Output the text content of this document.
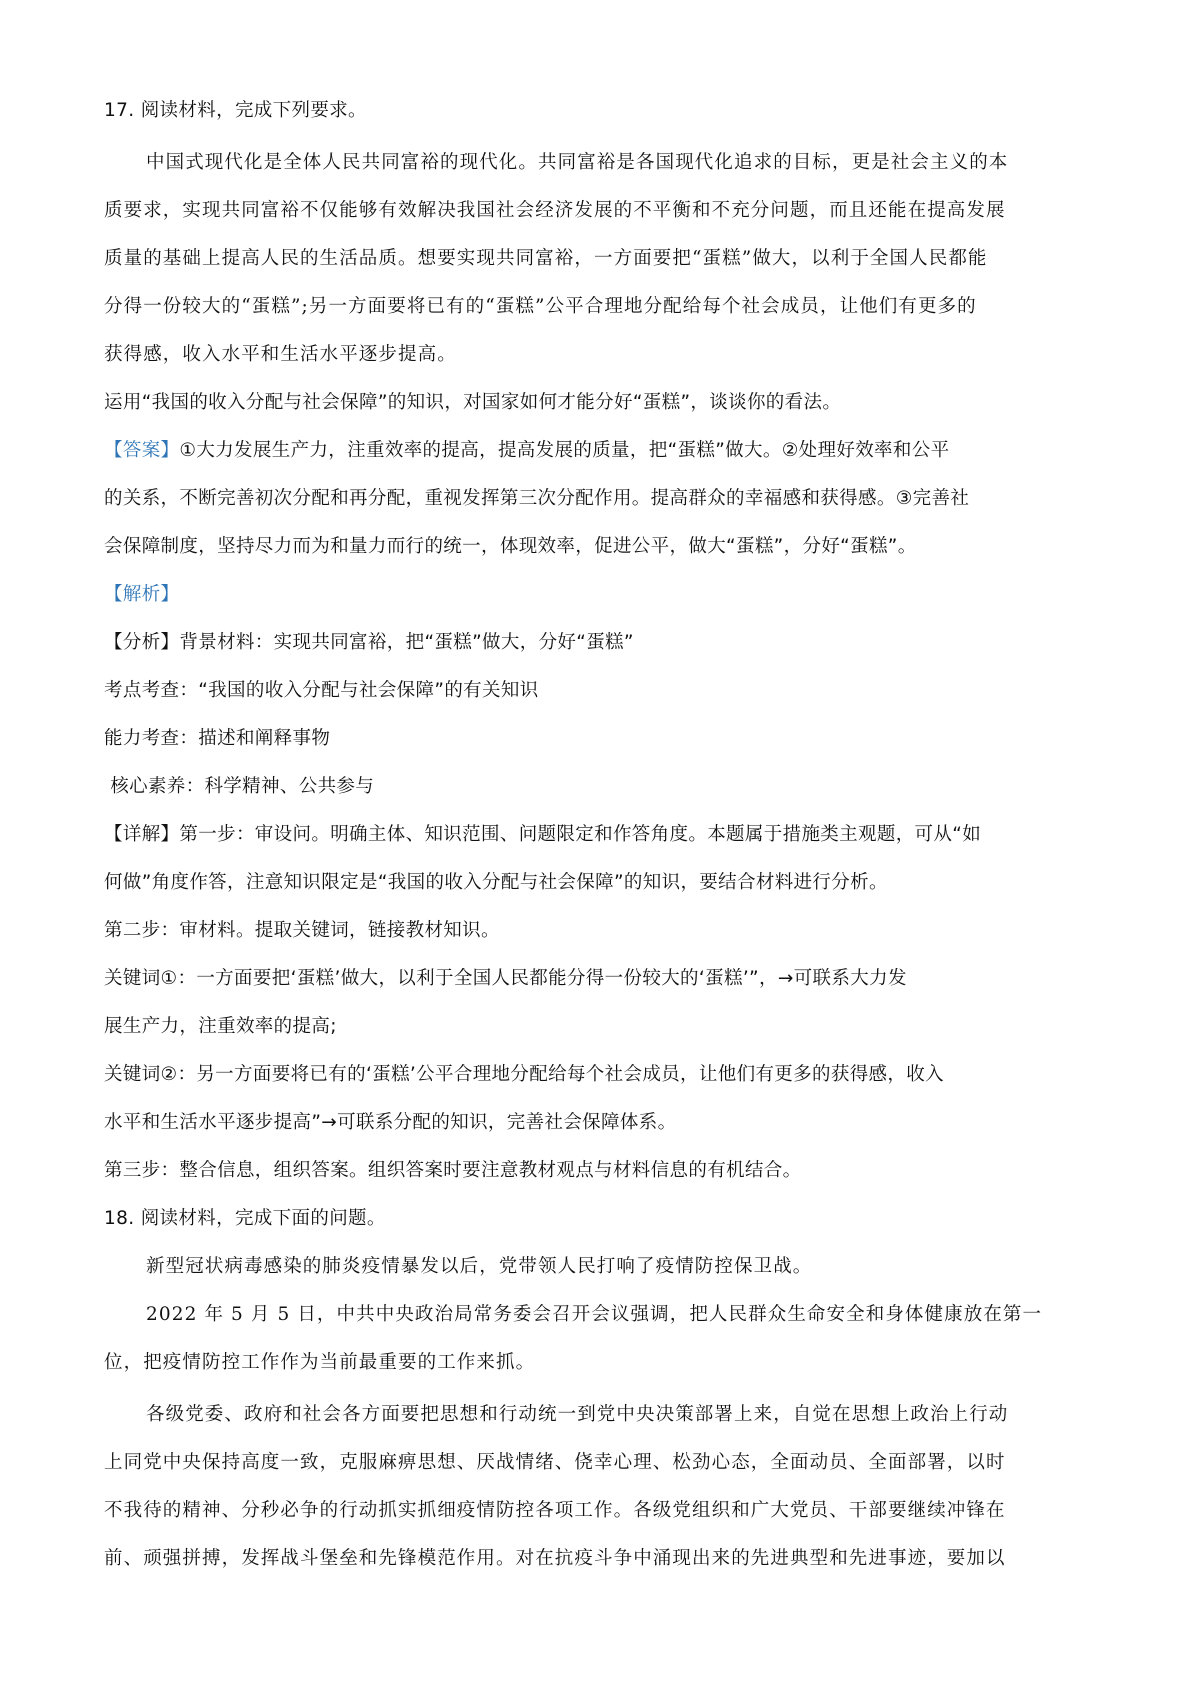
17. 阅读材料，完成下列要求。
中国式现代化是全体人民共同富裕的现代化。共同富裕是各国现代化追求的目标，更是社会主义的本
质要求，实现共同富裕不仅能够有效解决我国社会经济发展的不平衡和不充分问题，而且还能在提高发展
质量的基础上提高人民的生活品质。想要实现共同富裕，一方面要把“蛋糕”做大，以利于全国人民都能
分得一份较大的“蛋糕”;另一方面要将已有的“蛋糕”公平合理地分配给每个社会成员，让他们有更多的
获得感，收入水平和生活水平逐步提高。
运用“我国的收入分配与社会保障”的知识，对国家如何才能分好“蛋糕”，谈谈你的看法。
【答案】①大力发展生产力，注重效率的提高，提高发展的质量，把“蛋糕”做大。②处理好效率和公平
的关系，不断完善初次分配和再分配，重视发挥第三次分配作用。提高群众的幸福感和获得感。③完善社
会保障制度，坚持尽力而为和量力而行的统一，体现效率，促进公平，做大“蛋糕”，分好“蛋糕”。
【解析】
【分析】背景材料：实现共同富裕，把“蛋糕”做大，分好“蛋糕”
考点考查：“我国的收入分配与社会保障”的有关知识
能力考查：描述和阐释事物
核心素养：科学精神、公共参与
【详解】第一步：审设问。明确主体、知识范围、问题限定和作答角度。本题属于措施类主观题，可从“如
何做”角度作答，注意知识限定是“我国的收入分配与社会保障”的知识，要结合材料进行分析。
第二步：审材料。提取关键词，链接教材知识。
关键词①：一方面要把‘蛋糕’做大，以利于全国人民都能分得一份较大的‘蛋糕’”，→可联系大力发
展生产力，注重效率的提高;
关键词②：另一方面要将已有的‘蛋糕’公平合理地分配给每个社会成员，让他们有更多的获得感，收入
水平和生活水平逐步提高”→可联系分配的知识，完善社会保障体系。
第三步：整合信息，组织答案。组织答案时要注意教材观点与材料信息的有机结合。
18. 阅读材料，完成下面的问题。
新型冠状病毒感染的肺炎疫情暴发以后，党带领人民打响了疫情防控保卫战。
2022 年 5 月 5 日，中共中央政治局常务委会召开会议强调，把人民群众生命安全和身体健康放在第一
位，把疫情防控工作作为当前最重要的工作来抓。
各级党委、政府和社会各方面要把思想和行动统一到党中央决策部署上来，自觉在思想上政治上行动
上同党中央保持高度一致，克服麻痹思想、厌战情绪、侥幸心理、松劲心态，全面动员、全面部署，以时
不我待的精神、分秒必争的行动抓实抓细疫情防控各项工作。各级党组织和广大党员、干部要继续冲锋在
前、顽强拼搏，发挥战斗堡垒和先锋模范作用。对在抗疫斗争中涌现出来的先进典型和先进事迹，要加以
